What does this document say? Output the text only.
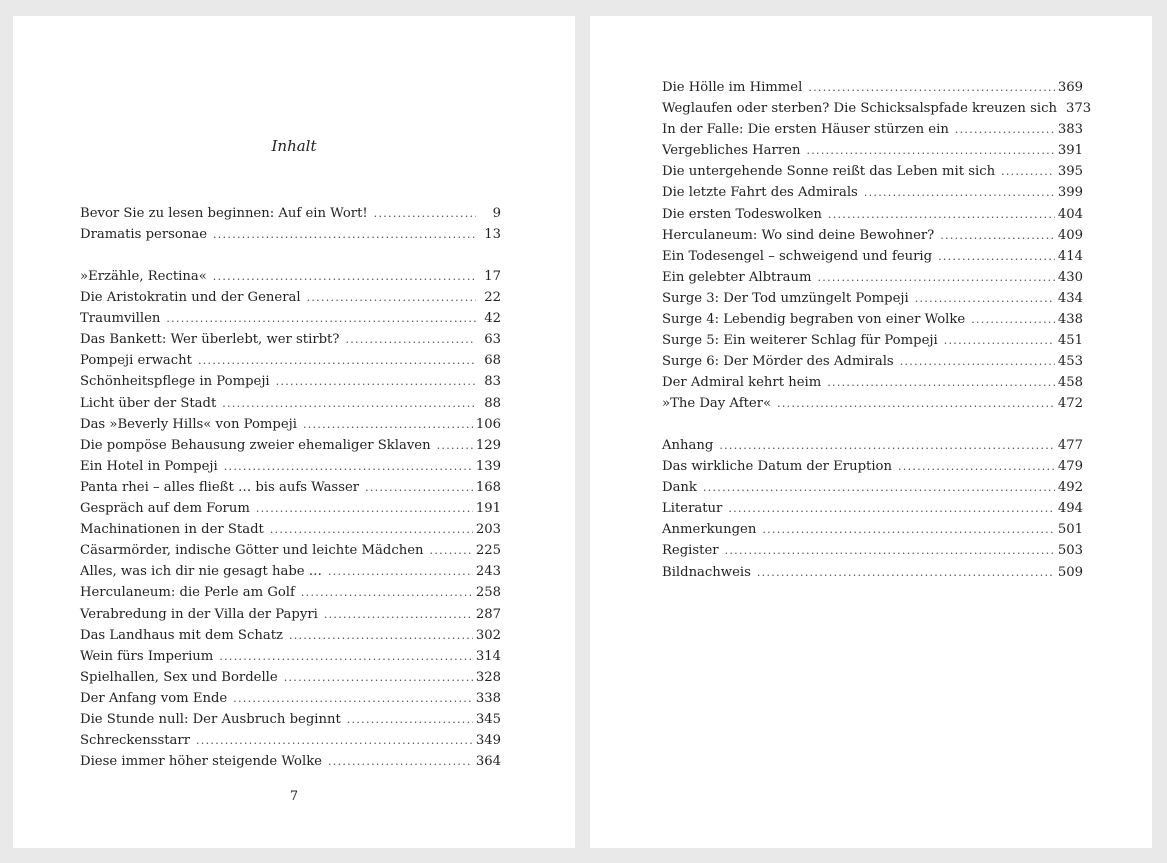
Inhalt
Bevor Sie zu lesen beginnen: Auf ein Wort! . . .	9
Dramatis personae . . .	13
»Erzähle, Rectina« . . .	17
Die Aristokratin und der General . . .	22
Traumvillen . . .	42
Das Bankett: Wer überlebt, wer stirbt? . . .	63
Pompeji erwacht . . .	68
Schönheitspflege in Pompeji . . .	83
Licht über der Stadt . . .	88
Das »Beverly Hills« von Pompeji . . .	106
Die pompöse Behausung zweier ehemaliger Sklaven . . .	129
Ein Hotel in Pompeji . . .	139
Panta rhei – alles fließt … bis aufs Wasser . . .	168
Gespräch auf dem Forum . . .	191
Machinationen in der Stadt . . .	203
Cäsarmörder, indische Götter und leichte Mädchen . . .	225
Alles, was ich dir nie gesagt habe … . . .	243
Herculaneum: die Perle am Golf . . .	258
Verabredung in der Villa der Papyri . . .	287
Das Landhaus mit dem Schatz . . .	302
Wein fürs Imperium . . .	314
Spielhallen, Sex und Bordelle . . .	328
Der Anfang vom Ende . . .	338
Die Stunde null: Der Ausbruch beginnt . . .	345
Schreckensstarr . . .	349
Diese immer höher steigende Wolke . . .	364
7
Die Hölle im Himmel . . .	369
Weglaufen oder sterben? Die Schicksalspfade kreuzen sich 373
In der Falle: Die ersten Häuser stürzen ein . . .	383
Vergebliches Harren . . .	391
Die untergehende Sonne reißt das Leben mit sich . . .	395
Die letzte Fahrt des Admirals . . .	399
Die ersten Todeswolken . . .	404
Herculaneum: Wo sind deine Bewohner? . . .	409
Ein Todesengel – schweigend und feurig . . .	414
Ein gelebter Albtraum . . .	430
Surge 3: Der Tod umzüngelt Pompeji . . .	434
Surge 4: Lebendig begraben von einer Wolke . . .	438
Surge 5: Ein weiterer Schlag für Pompeji . . .	451
Surge 6: Der Mörder des Admirals . . .	453
Der Admiral kehrt heim . . .	458
»The Day After« . . .	472
Anhang . . .	477
Das wirkliche Datum der Eruption . . .	479
Dank . . .	492
Literatur . . .	494
Anmerkungen . . .	501
Register . . .	503
Bildnachweis . . .	509
